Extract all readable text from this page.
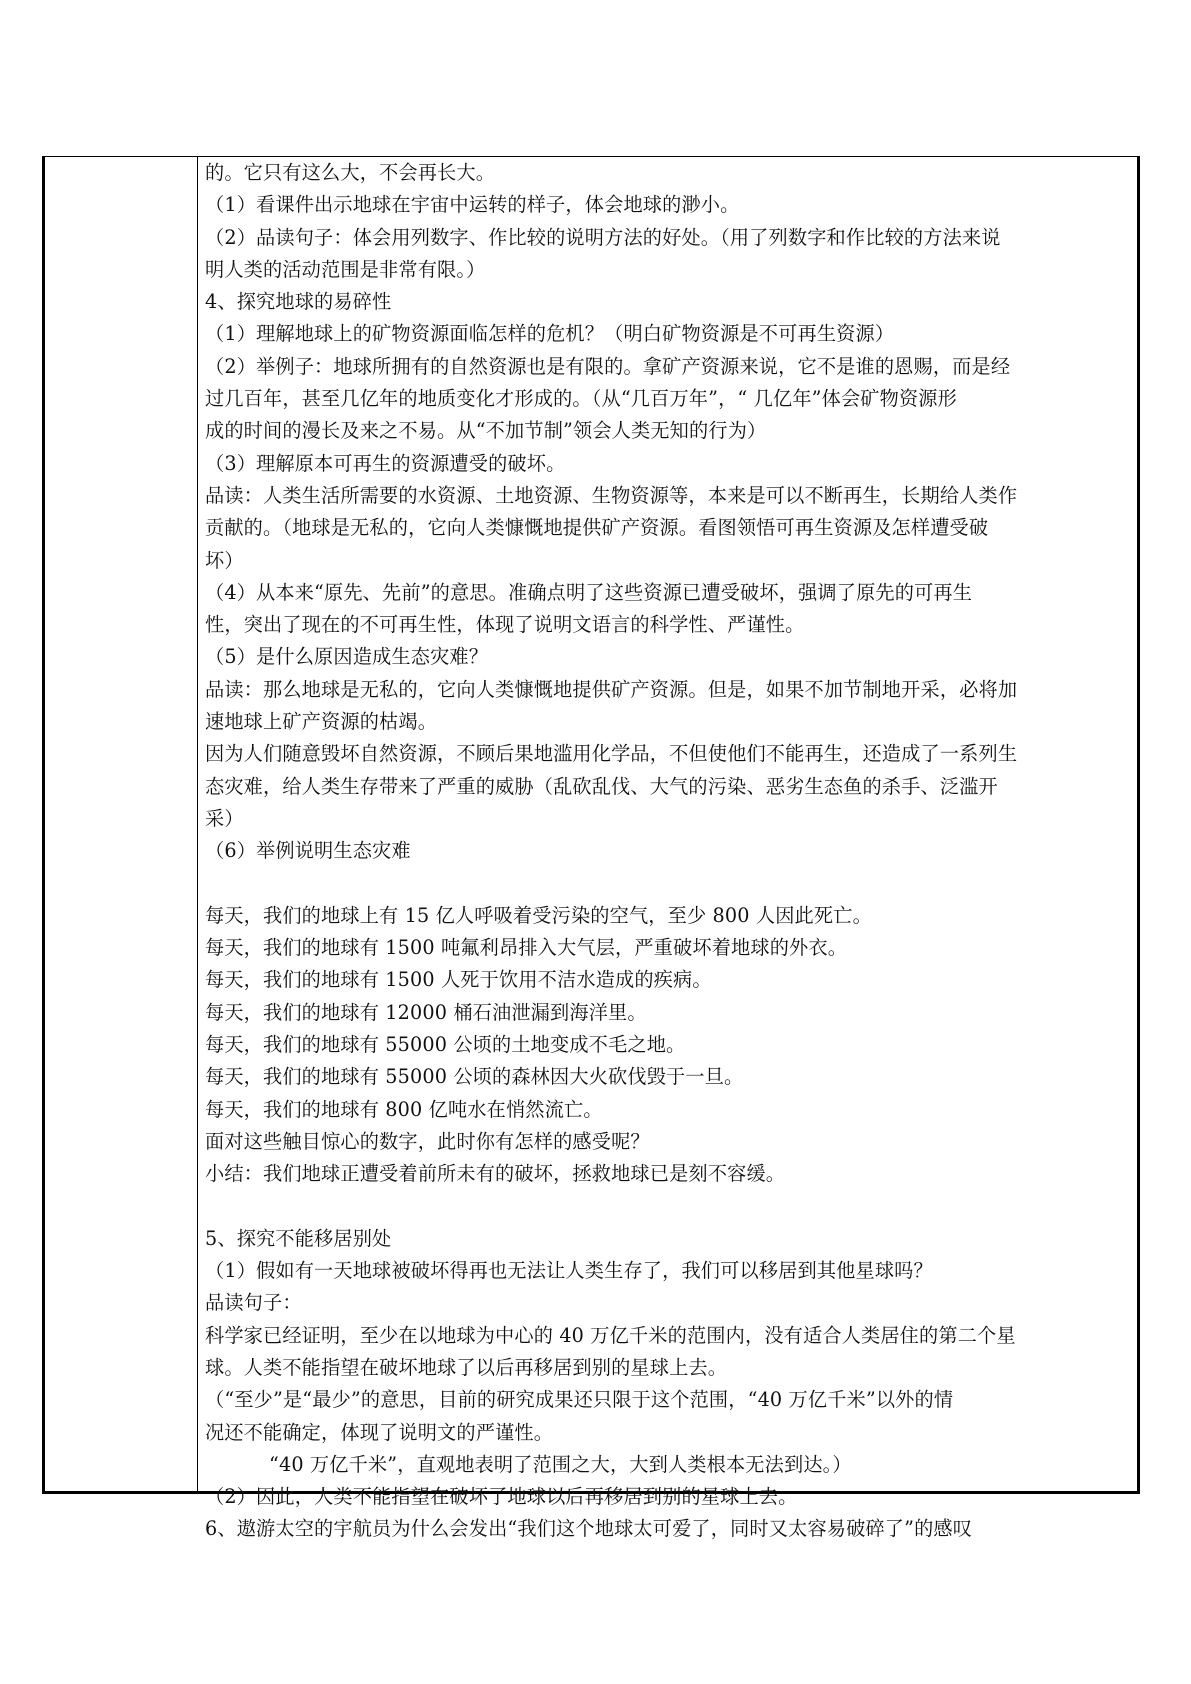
的。它只有这么大，不会再长大。
（1）看课件出示地球在宇宙中运转的样子，体会地球的渺小。
（2）品读句子：体会用列数字、作比较的说明方法的好处。（用了列数字和作比较的方法来说
明人类的活动范围是非常有限。）
4、探究地球的易碎性
（1）理解地球上的矿物资源面临怎样的危机？（明白矿物资源是不可再生资源）
（2）举例子：地球所拥有的自然资源也是有限的。拿矿产资源来说，它不是谁的恩赐，而是经
过几百年，甚至几亿年的地质变化才形成的。（从“几百万年”，“ 几亿年”体会矿物资源形
成的时间的漫长及来之不易。从“不加节制”领会人类无知的行为）
（3）理解原本可再生的资源遭受的破坏。
品读：人类生活所需要的水资源、土地资源、生物资源等，本来是可以不断再生，长期给人类作
贡献的。（地球是无私的，它向人类慷慨地提供矿产资源。看图领悟可再生资源及怎样遭受破
坏）
（4）从本来“原先、先前”的意思。准确点明了这些资源已遭受破坏，强调了原先的可再生
性，突出了现在的不可再生性，体现了说明文语言的科学性、严谨性。
（5）是什么原因造成生态灾难？
品读：那么地球是无私的，它向人类慷慨地提供矿产资源。但是，如果不加节制地开采，必将加
速地球上矿产资源的枯竭。
因为人们随意毁坏自然资源，不顾后果地滥用化学品，不但使他们不能再生，还造成了一系列生
态灾难，给人类生存带来了严重的威胁（乱砍乱伐、大气的污染、恶劣生态鱼的杀手、泛滥开
采）
（6）举例说明生态灾难
每天，我们的地球上有 15 亿人呼吸着受污染的空气，至少 800 人因此死亡。
每天，我们的地球有 1500 吨氟利昂排入大气层，严重破坏着地球的外衣。
每天，我们的地球有 1500 人死于饮用不洁水造成的疾病。
每天，我们的地球有 12000 桶石油泄漏到海洋里。
每天，我们的地球有 55000 公顷的土地变成不毛之地。
每天，我们的地球有 55000 公顷的森林因大火砍伐毁于一旦。
每天，我们的地球有 800 亿吨水在悄然流亡。
面对这些触目惊心的数字，此时你有怎样的感受呢？
小结：我们地球正遭受着前所未有的破坏，拯救地球已是刻不容缓。
5、探究不能移居别处
（1）假如有一天地球被破坏得再也无法让人类生存了，我们可以移居到其他星球吗？
品读句子：
科学家已经证明，至少在以地球为中心的 40 万亿千米的范围内，没有适合人类居住的第二个星
球。人类不能指望在破坏地球了以后再移居到别的星球上去。
（“至少”是“最少”的意思，目前的研究成果还只限于这个范围，“40 万亿千米”以外的情
况还不能确定，体现了说明文的严谨性。
“40 万亿千米”，直观地表明了范围之大，大到人类根本无法到达。）
（2）因此，人类不能指望在破坏了地球以后再移居到别的星球上去。
6、遨游太空的宇航员为什么会发出“我们这个地球太可爱了，同时又太容易破碎了”的感叹
